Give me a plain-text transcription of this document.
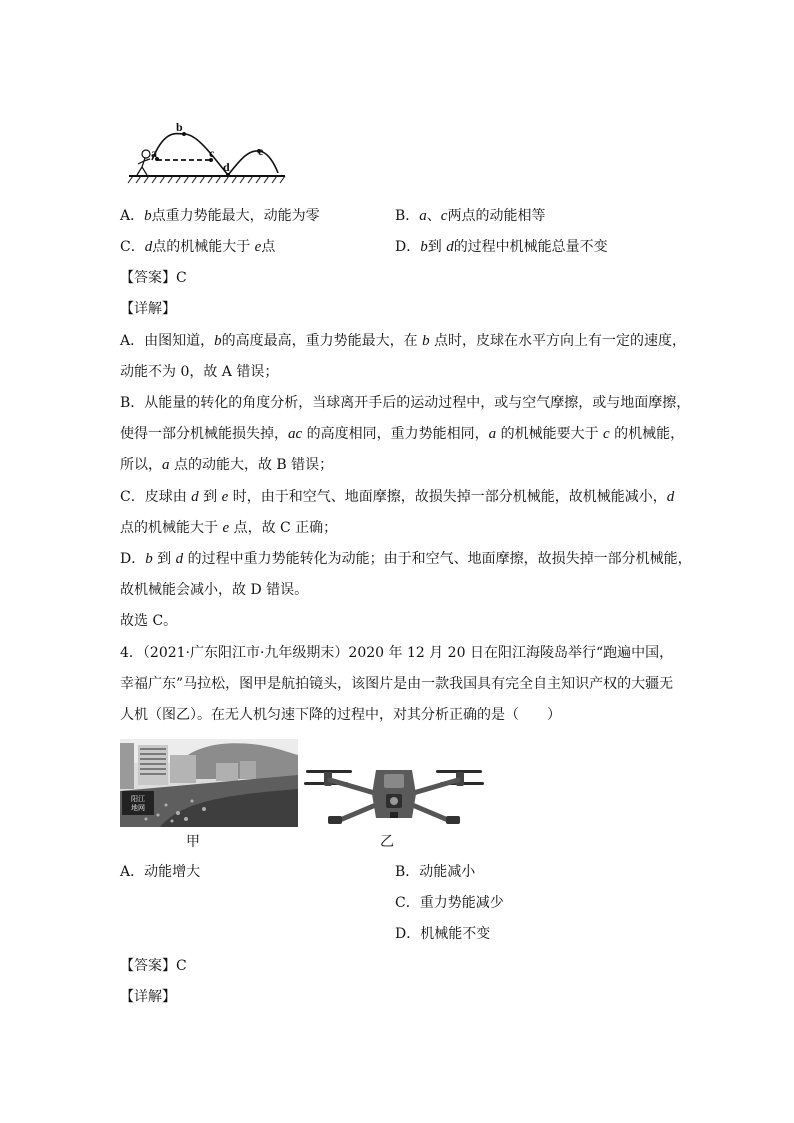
a
b
c
d
e
A．b点重力势能最大，动能为零	B．a、c两点的动能相等
C．d点的机械能大于 e点	D．b到 d的过程中机械能总量不变
【答案】C
【详解】
A．由图知道，b的高度最高，重力势能最大，在 b 点时，皮球在水平方向上有一定的速度，
动能不为 0，故 A 错误；
B．从能量的转化的角度分析，当球离开手后的运动过程中，或与空气摩擦，或与地面摩擦，
使得一部分机械能损失掉，ac 的高度相同，重力势能相同，a 的机械能要大于 c 的机械能，
所以，a 点的动能大，故 B 错误；
C．皮球由 d 到 e 时，由于和空气、地面摩擦，故损失掉一部分机械能，故机械能减小，d
点的机械能大于 e 点，故 C 正确；
D．b 到 d 的过程中重力势能转化为动能；由于和空气、地面摩擦，故损失掉一部分机械能，
故机械能会减小，故 D 错误。
故选 C。
4．（2021·广东阳江市·九年级期末）2020 年 12 月 20 日在阳江海陵岛举行“跑遍中国，
幸福广东”马拉松，图甲是航拍镜头，该图片是由一款我国具有完全自主知识产权的大疆无
人机（图乙）。在无人机匀速下降的过程中，对其分析正确的是（　　）
阳江
地网
甲	乙
A．动能增大	B．动能减小
C．重力势能减少
D．机械能不变
【答案】C
【详解】
